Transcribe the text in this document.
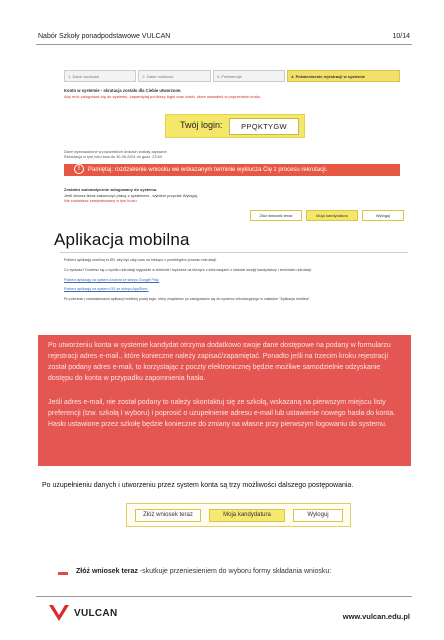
Nabór Szkoły ponadpodstawowe VULCAN	10/14
1. Dane osobowe	2. Dane rodziców	3. Preferencje	4. Potwierdzenie rejestracji w systemie
Konto w systemie - skrutacja zostało dla Ciebie utworzone.
Aby móc zalogować się do systemu, zapamiętaj poniższy login oraz hasło, które ustawiłeś w poprzednim kroku.
Twój login:	PPQKTYGW
Dane wprowadzone w poprzednich krokach zostały zapisane.
Rekrutacja w tym roku trwa do 30-06-2024 do godz. 23:59.
! Pamiętaj: rozdzielenie wniosku we wskazanym terminie wyklucza Cię z procesu rekrutacji.
Zostałeś automatycznie zalogowany do systemu.
Jeśli chcesz teraz zakończyć pracę z systemem - wybierz przycisk Wyloguj.
Nie zostaniesz zarejestrowany w tym kroku.
Złóż wniosek teraz	Moja kandydatura	Wyloguj
Aplikacja mobilna
Pobierz aplikację mobilną eLSR, aby być cały czas na bieżąco z przebiegiem procesu rekrutacji.
Co zyskasz? Dowiesz się o wyniku rekrutacji wygodnie w telefonie i będziesz na bieżąco z informacjami o statusie swojej kandydatury i terminach rekrutacji.
Pobierz aplikację na system Android ze sklepu Google Play.
Pobierz aplikację na system iOS ze sklepu AppStore.
Po pobraniu i zainstalowaniu aplikacji mobilnej podaj login, który znajdziesz po zalogowaniu się do systemu rekrutacyjnego w zakładce "Aplikacja mobilna".
Po utworzeniu konta w systemie kandydat otrzyma dodatkowo swoje dane dostępowe na podany w formularzu rejestracji adres e-mail., które konieczne należy zapisać/zapamiętać. Ponadto jeśli na trzecim kroku rejestracji został podany adres e-mail, to korzystając z poczty elektronicznej będzie możliwe samodzielnie odzyskanie dostępu do konta w przypadku zapomnienia hasła.
Jeśli adres e-mail, nie został podany to należy skontaktuj się ze szkołą, wskazaną na pierwszym miejscu listy preferencji (tzw. szkołą I wyboru) i poprosić o uzupełnienie adresu e-mail lub ustawienie nowego hasła do konta. Hasło ustawione przez szkołę będzie konieczne do zmiany na własne przy pierwszym logowaniu do systemu.
Po uzupełnieniu danych i utworzeniu przez system konta są trzy możliwości dalszego postępowania.
Złóż wniosek teraz	Moja kandydatura	Wyloguj
Złóż wniosek teraz -skutkuje przeniesieniem do wyboru formy składania wniosku:
VULCAN	www.vulcan.edu.pl
